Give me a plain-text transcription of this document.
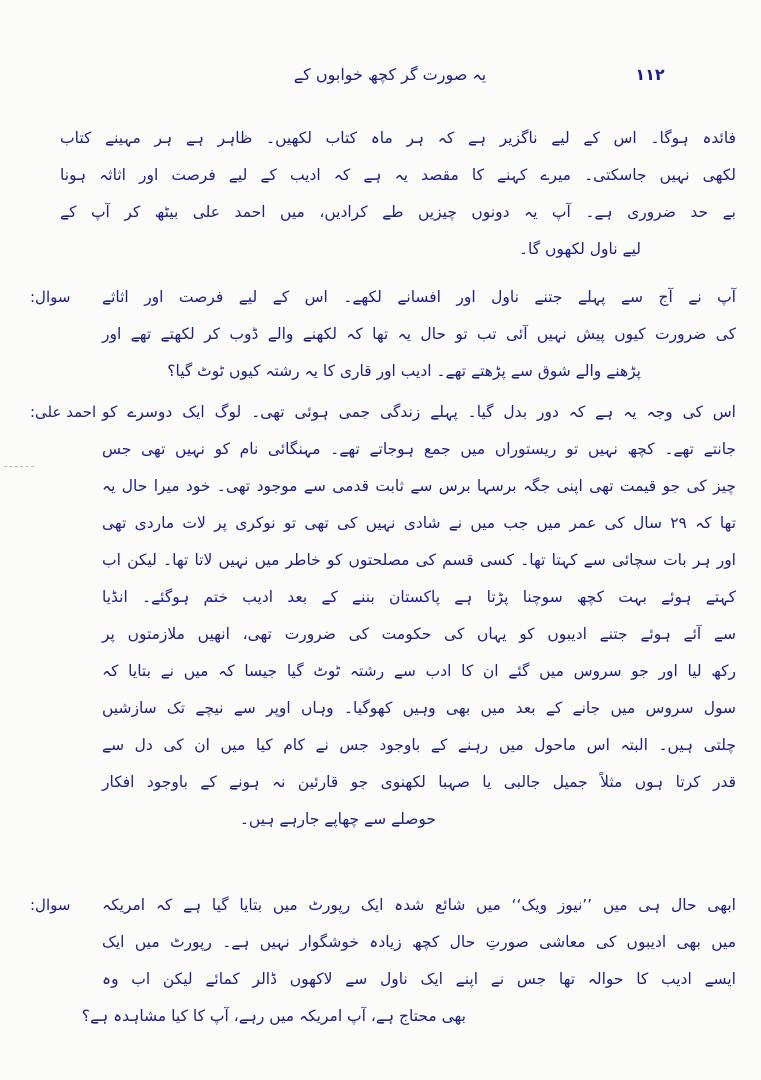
یہ صورت گر کچھ خوابوں کے	۱۱۲
فائدہ ہوگا۔ اس کے لیے ناگزیر ہے کہ ہر ماہ کتاب لکھیں۔ ظاہر ہے ہر مہینے کتاب
لکھی نہیں جاسکتی۔ میرے کہنے کا مقصد یہ ہے کہ ادیب کے لیے فرصت اور اثاثہ ہونا
بے حد ضروری ہے۔ آپ یہ دونوں چیزیں طے کرادیں، میں احمد علی بیٹھ کر آپ کے
لیے ناول لکھوں گا۔
سوال:	آپ نے آج سے پہلے جتنے ناول اور افسانے لکھے۔ اس کے لیے فرصت اور اثاثے
کی ضرورت کیوں پیش نہیں آئی تب تو حال یہ تھا کہ لکھنے والے ڈوب کر لکھتے تھے اور
پڑھنے والے شوق سے پڑھتے تھے۔ ادیب اور قاری کا یہ رشتہ کیوں ٹوٹ گیا؟
احمد علی: اس کی وجہ یہ ہے کہ دور بدل گیا۔ پہلے زندگی جمی ہوئی تھی۔ لوگ ایک دوسرے کو
جانتے تھے۔ کچھ نہیں تو ریستوراں میں جمع ہوجاتے تھے۔ مہنگائی نام کو نہیں تھی جس
چیز کی جو قیمت تھی اپنی جگہ برسہا برس سے ثابت قدمی سے موجود تھی۔ خود میرا حال یہ
تھا کہ ۲۹ سال کی عمر میں جب میں نے شادی نہیں کی تھی تو نوکری پر لات ماردی تھی
اور ہر بات سچائی سے کہتا تھا۔ کسی قسم کی مصلحتوں کو خاطر میں نہیں لاتا تھا۔ لیکن اب
کہتے ہوئے بہت کچھ سوچنا پڑتا ہے پاکستان بننے کے بعد ادیب ختم ہوگئے۔ انڈیا
سے آئے ہوئے جتنے ادیبوں کو یہاں کی حکومت کی ضرورت تھی، انھیں ملازمتوں پر
رکھ لیا اور جو سروس میں گئے ان کا ادب سے رشتہ ٹوٹ گیا جیسا کہ میں نے بتایا کہ
سول سروس میں جانے کے بعد میں بھی وہیں کھوگیا۔ وہاں اوپر سے نیچے تک سازشیں
چلتی ہیں۔ البتہ اس ماحول میں رہنے کے باوجود جس نے کام کیا میں ان کی دل سے
قدر کرتا ہوں مثلاً جمیل جالبی یا صہبا لکھنوی جو قارئین نہ ہونے کے باوجود افکار
حوصلے سے چھاپے جارہے ہیں۔
سوال:	ابھی حال ہی میں ’’نیوز ویک‘‘ میں شائع شدہ ایک رپورٹ میں بتایا گیا ہے کہ امریکہ
میں بھی ادیبوں کی معاشی صورتِ حال کچھ زیادہ خوشگوار نہیں ہے۔ رپورٹ میں ایک
ایسے ادیب کا حوالہ تھا جس نے اپنے ایک ناول سے لاکھوں ڈالر کمائے لیکن اب وہ
بھی محتاج ہے، آپ امریکہ میں رہے، آپ کا کیا مشاہدہ ہے؟
